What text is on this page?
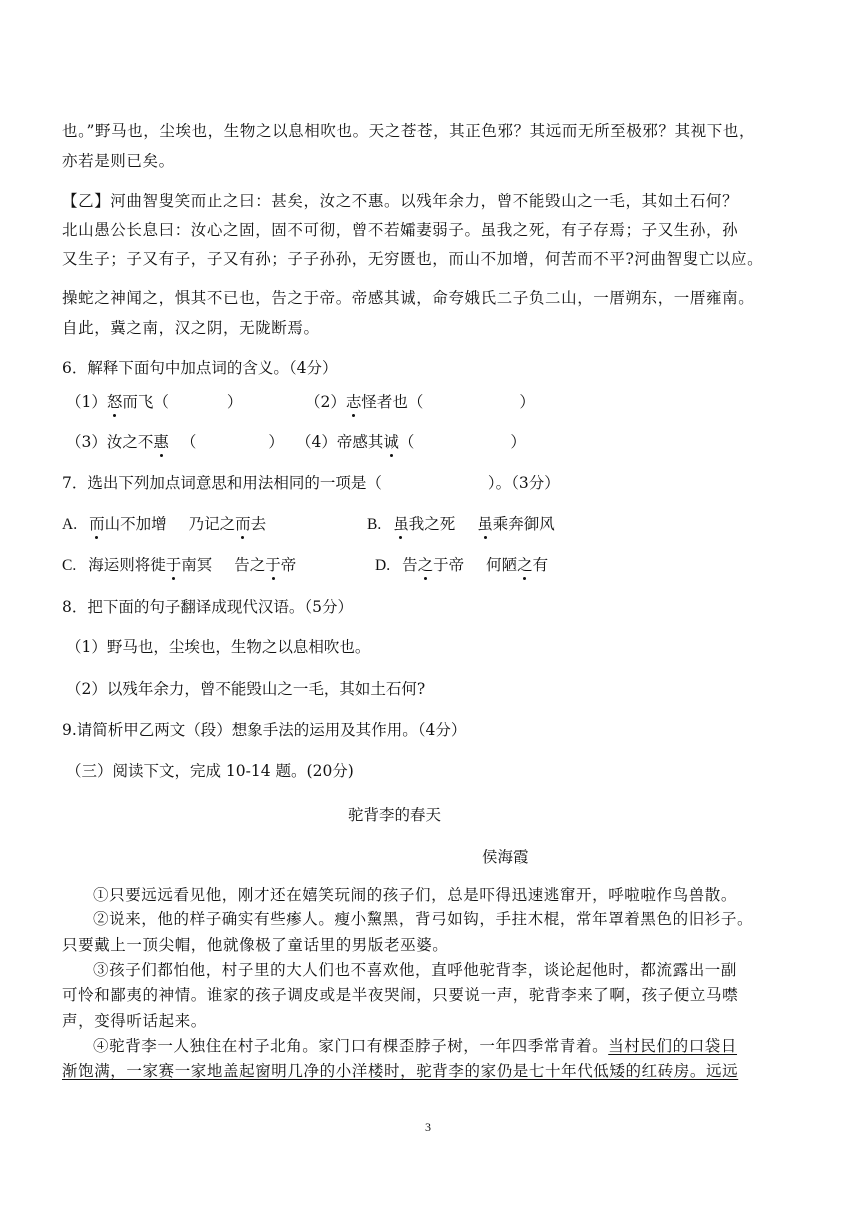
也。”野马也，尘埃也，生物之以息相吹也。天之苍苍，其正色邪？其远而无所至极邪？其视下也，
亦若是则已矣。
【乙】河曲智叟笑而止之曰：甚矣，汝之不惠。以残年余力，曾不能毁山之一毛，其如土石何？
北山愚公长息曰：汝心之固，固不可彻，曾不若孀妻弱子。虽我之死，有子存焉；子又生孙，孙
又生子；子又有子，子又有孙；子子孙孙，无穷匮也，而山不加增，何苦而不平?河曲智叟亡以应。
操蛇之神闻之，惧其不已也，告之于帝。帝感其诚，命夸娥氏二子负二山，一厝朔东，一厝雍南。
自此，冀之南，汉之阴，无陇断焉。
6．解释下面句中加点词的含义。（4分）
（1）怒而飞（	）	（2）志怪者也（	）
（3）汝之不惠 （	） （4）帝感其诚（	）
7．选出下列加点词意思和用法相同的一项是（	）。（3分）
A. 而山不加增 乃记之而去	B. 虽我之死 虽乘奔御风
C. 海运则将徙于南冥 告之于帝	D. 告之于帝 何陋之有
8．把下面的句子翻译成现代汉语。（5分）
（1）野马也，尘埃也，生物之以息相吹也。
（2）以残年余力，曾不能毁山之一毛，其如土石何?
9.请简析甲乙两文（段）想象手法的运用及其作用。（4分）
（三）阅读下文，完成 10-14 题。(20分)
驼背李的春天
侯海霞
①只要远远看见他，刚才还在嬉笑玩闹的孩子们，总是吓得迅速逃窜开，呼啦啦作鸟兽散。
②说来，他的样子确实有些瘆人。瘦小黧黑，背弓如钩，手拄木棍，常年罩着黑色的旧衫子。
只要戴上一顶尖帽，他就像极了童话里的男版老巫婆。
③孩子们都怕他，村子里的大人们也不喜欢他，直呼他驼背李，谈论起他时，都流露出一副
可怜和鄙夷的神情。谁家的孩子调皮或是半夜哭闹，只要说一声，驼背李来了啊，孩子便立马噤
声，变得听话起来。
④驼背李一人独住在村子北角。家门口有棵歪脖子树，一年四季常青着。当村民们的口袋日
渐饱满，一家赛一家地盖起窗明几净的小洋楼时，驼背李的家仍是七十年代低矮的红砖房。远远
3
